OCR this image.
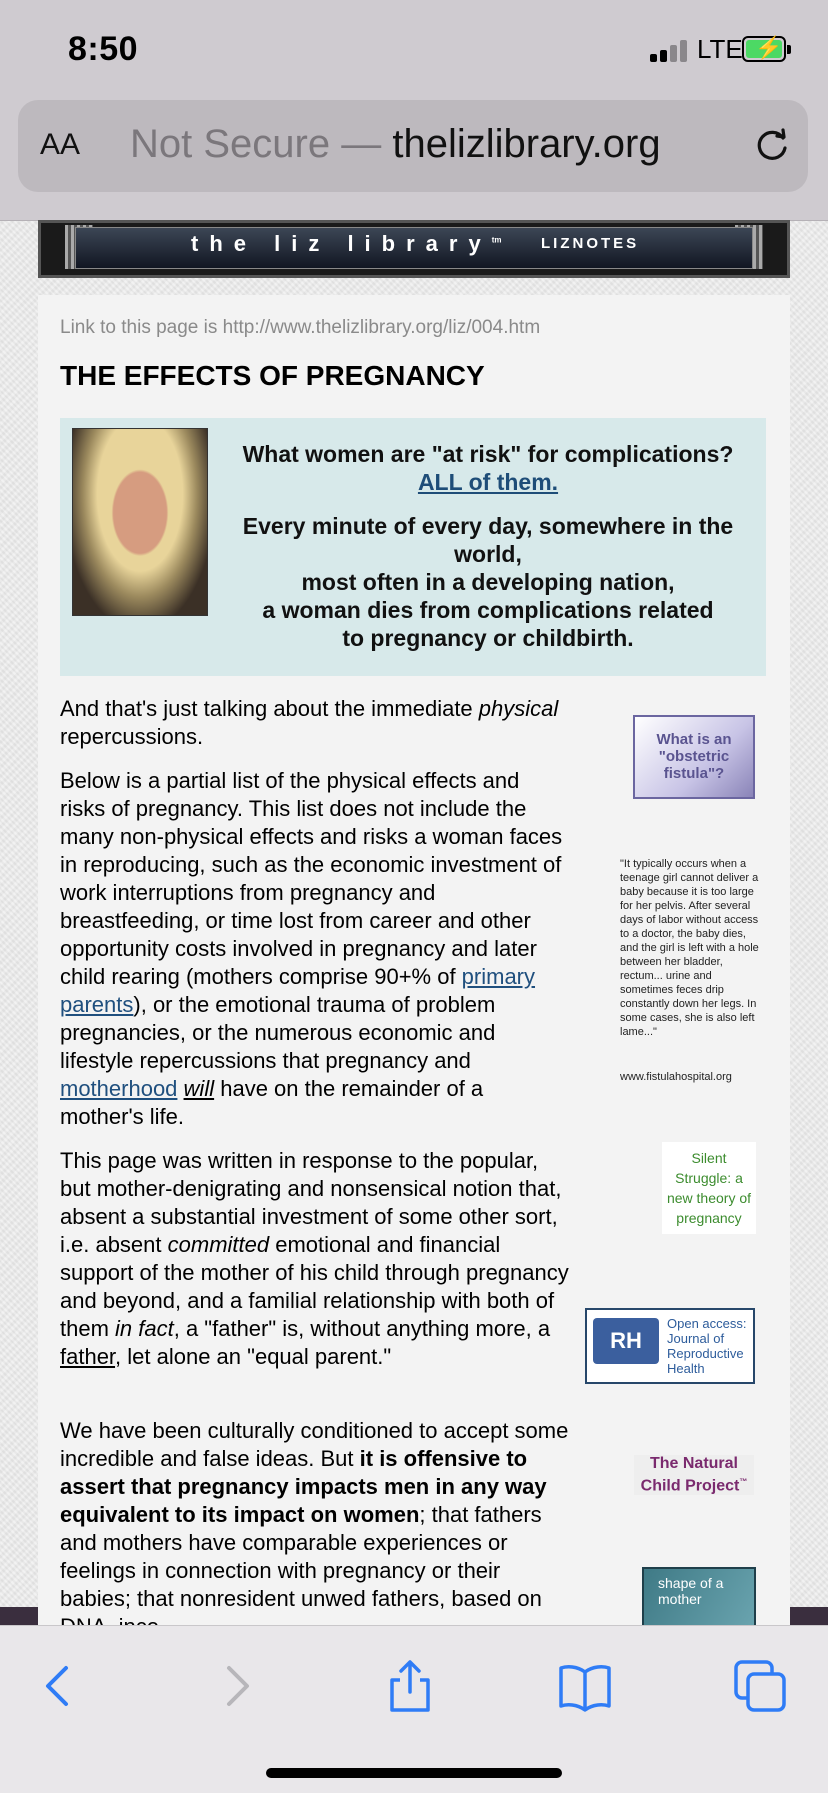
8:50	LTE ⚡
AA Not Secure — thelizlibrary.org
the liz library$^{tm}$	LIZNOTES
Link to this page is http://www.thelizlibrary.org/liz/004.htm
THE EFFECTS OF PREGNANCY
What women are "at risk" for complications?
ALL of them.
Every minute of every day, somewhere in the world,
most often in a developing nation,
a woman dies from complications related to pregnancy or childbirth.
And that's just talking about the immediate physical repercussions.
Below is a partial list of the physical effects and risks of pregnancy. This list does not include the many non-physical effects and risks a woman faces in reproducing, such as the economic investment of work interruptions from pregnancy and breastfeeding, or time lost from career and other opportunity costs involved in pregnancy and later child rearing (mothers comprise 90+% of primary parents), or the emotional trauma of problem pregnancies, or the numerous economic and lifestyle repercussions that pregnancy and motherhood will have on the remainder of a mother's life.
This page was written in response to the popular, but mother-denigrating and nonsensical notion that, absent a substantial investment of some other sort, i.e. absent committed emotional and financial support of the mother of his child through pregnancy and beyond, and a familial relationship with both of them in fact, a "father" is, without anything more, a father, let alone an "equal parent."
We have been culturally conditioned to accept some incredible and false ideas. But it is offensive to assert that pregnancy impacts men in any way equivalent to its impact on women; that fathers and mothers have comparable experiences or feelings in connection with pregnancy or their babies; that nonresident unwed fathers, based on
What is an "obstetric fistula"?
"It typically occurs when a teenage girl cannot deliver a baby because it is too large for her pelvis. After several days of labor without access to a doctor, the baby dies, and the girl is left with a hole between her bladder, rectum... urine and sometimes feces drip constantly down her legs. In some cases, she is also left lame..."
www.fistulahospital.org
Silent Struggle: a new theory of pregnancy
RH
Open access: Journal of Reproductive Health
The Natural Child Project™
shape of a mother
